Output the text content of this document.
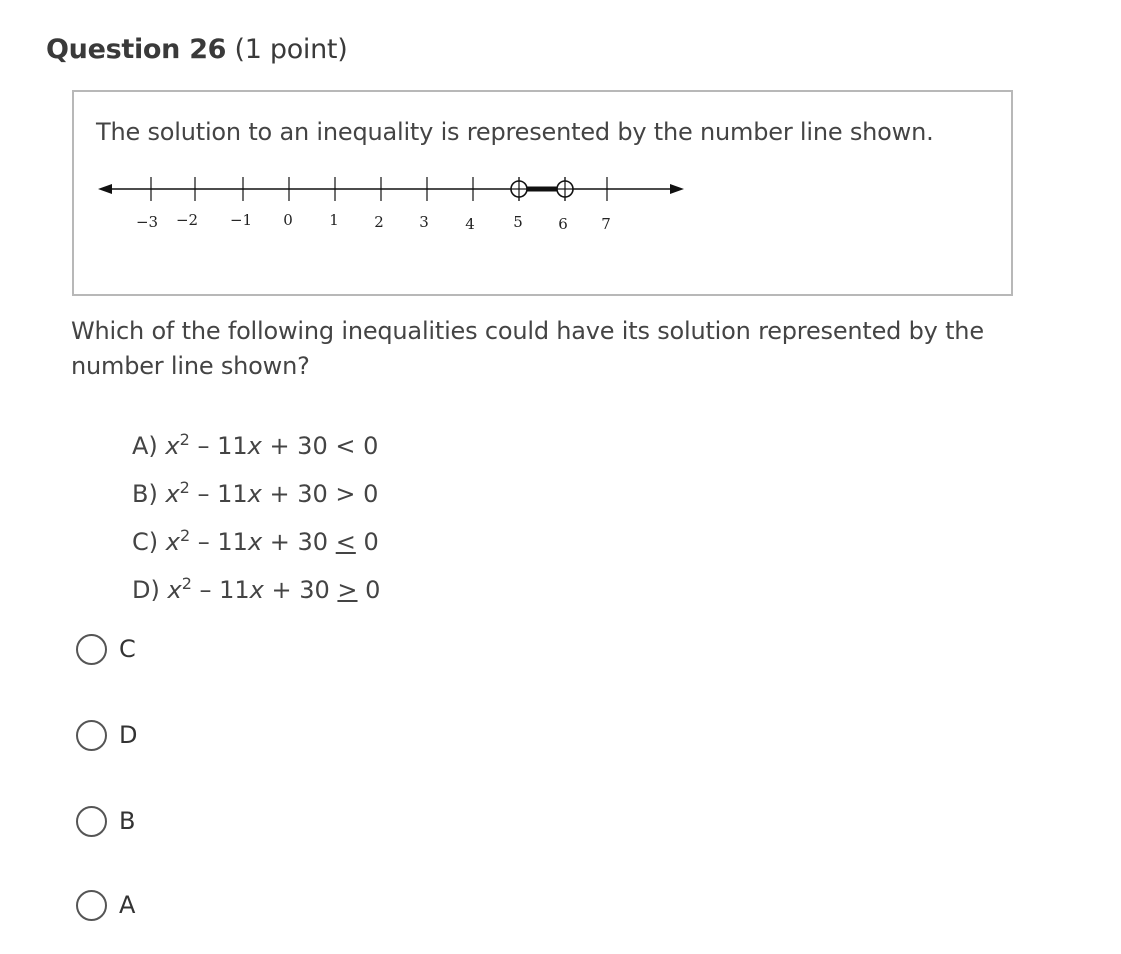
Question 26 (1 point)
The solution to an inequality is represented by the number line shown.
−3 −2 −1 0 1 2 3 4	5 6 7
Which of the following inequalities could have its solution represented by the number line shown?
A) $x^2 - 11x + 30 < 0$
B) $x^2 - 11x + 30 > 0$
C) $x^2 - 11x + 30 < 0$
D) $x^2 - 11x + 30 > 0$
C
D
B
A
